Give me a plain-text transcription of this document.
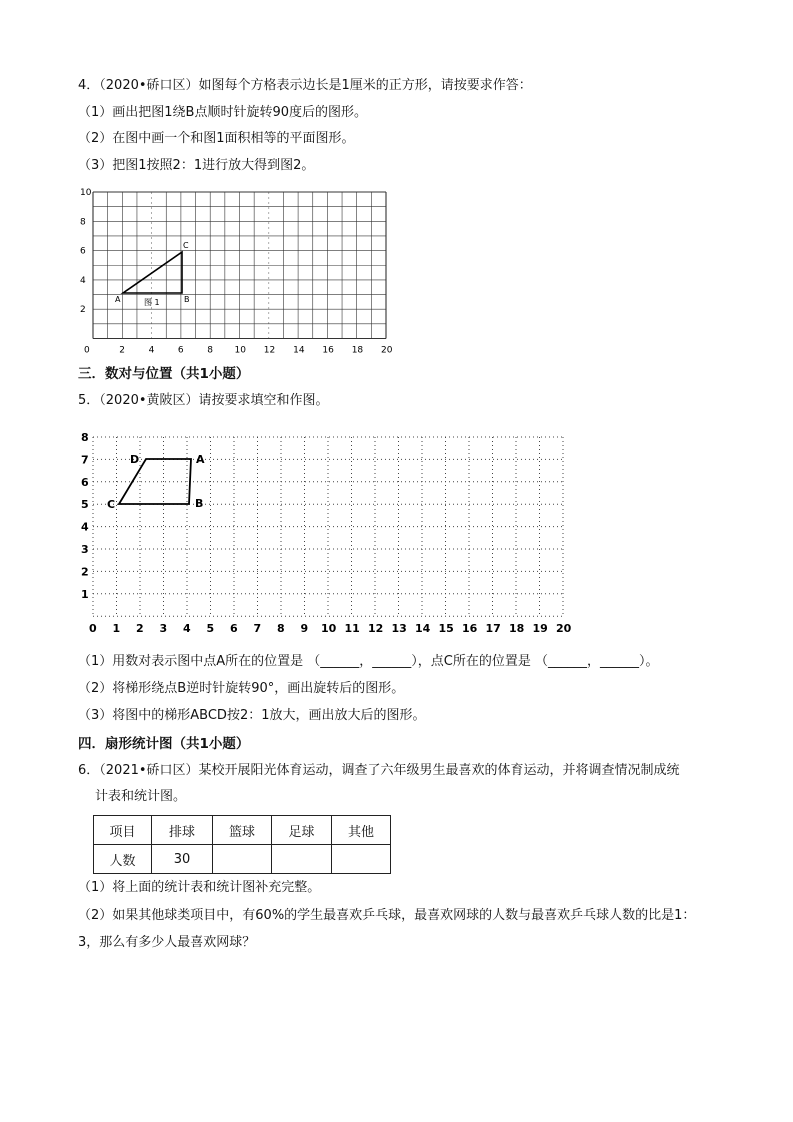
4．（2020•硚口区）如图每个方格表示边长是1厘米的正方形，请按要求作答：
（1）画出把图1绕B点顺时针旋转90度后的图形。
（2）在图中画一个和图1面积相等的平面图形。
（3）把图1按照2：1进行放大得到图2。
10
8
6
4
2
0	2	4	6	8 10 12 14 16 18 20
A	B
C
图 1
三．数对与位置（共1小题）
5．（2020•黄陂区）请按要求填空和作图。
8
7
6
5
4
3
2
1
0 1 2 3 4 5 6 7 8 9 10 11 12 13 14 15 16 17 18 19 20
A
B
C
D
（1）用数对表示图中点A所在的位置是 （______，______），点C所在的位置是 （______，______）。
（2）将梯形绕点B逆时针旋转90°，画出旋转后的图形。
（3）将图中的梯形ABCD按2：1放大，画出放大后的图形。
四．扇形统计图（共1小题）
6．（2021•硚口区）某校开展阳光体育运动，调查了六年级男生最喜欢的体育运动，并将调查情况制成统
计表和统计图。
项目	排球	篮球	足球	其他
人数	30			
（1）将上面的统计表和统计图补充完整。
（2）如果其他球类项目中，有60%的学生最喜欢乒乓球，最喜欢网球的人数与最喜欢乒乓球人数的比是1：
3，那么有多少人最喜欢网球？
